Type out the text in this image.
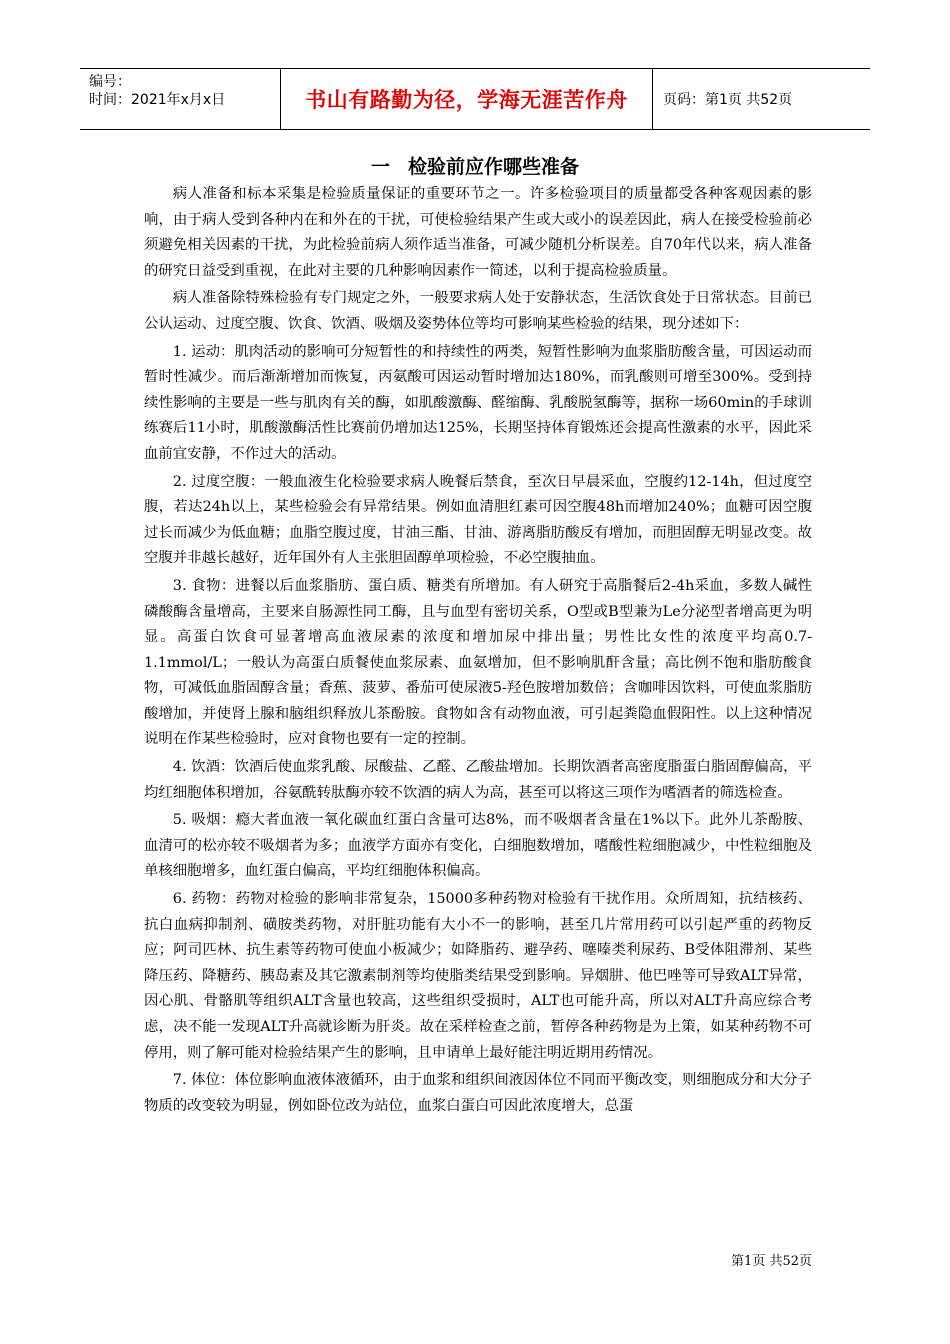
编号：
时间：2021年x月x日	书山有路勤为径，学海无涯苦作舟	页码：第1页 共52页
一 检验前应作哪些准备

病人准备和标本采集是检验质量保证的重要环节之一。许多检验项目的质量都受各种客观因素的影响，由于病人受到各种内在和外在的干扰，可使检验结果产生或大或小的误差因此，病人在接受检验前必须避免相关因素的干扰，为此检验前病人须作适当准备，可减少随机分析误差。自70年代以来，病人准备的研究日益受到重视，在此对主要的几种影响因素作一简述，以利于提高检验质量。

病人准备除特殊检验有专门规定之外，一般要求病人处于安静状态，生活饮食处于日常状态。目前已公认运动、过度空腹、饮食、饮酒、吸烟及姿势体位等均可影响某些检验的结果，现分述如下：

1. 运动：肌肉活动的影响可分短暂性的和持续性的两类，短暂性影响为血浆脂肪酸含量，可因运动而暂时性减少。而后渐渐增加而恢复，丙氨酸可因运动暂时增加达180%，而乳酸则可增至300%。受到持续性影响的主要是一些与肌肉有关的酶，如肌酸激酶、醛缩酶、乳酸脱氢酶等，据称一场60min的手球训练赛后11小时，肌酸激酶活性比赛前仍增加达125%，长期坚持体育锻炼还会提高性激素的水平，因此采血前宜安静，不作过大的活动。

2. 过度空腹：一般血液生化检验要求病人晚餐后禁食，至次日早晨采血，空腹约12-14h，但过度空腹，若达24h以上，某些检验会有异常结果。例如血清胆红素可因空腹48h而增加240%；血糖可因空腹过长而减少为低血糖；血脂空腹过度，甘油三酯、甘油、游离脂肪酸反有增加，而胆固醇无明显改变。故空腹并非越长越好，近年国外有人主张胆固醇单项检验，不必空腹抽血。

3. 食物：进餐以后血浆脂肪、蛋白质、糖类有所增加。有人研究于高脂餐后2-4h采血，多数人碱性磷酸酶含量增高，主要来自肠源性同工酶，且与血型有密切关系，O型或B型兼为Le分泌型者增高更为明显。高蛋白饮食可显著增高血液尿素的浓度和增加尿中排出量；男性比女性的浓度平均高0.7-1.1mmol/L；一般认为高蛋白质餐使血浆尿素、血氨增加，但不影响肌酐含量；高比例不饱和脂肪酸食物，可减低血脂固醇含量；香蕉、菠萝、番茄可使尿液5-羟色胺增加数倍；含咖啡因饮料，可使血浆脂肪酸增加，并使肾上腺和脑组织释放儿茶酚胺。食物如含有动物血液，可引起粪隐血假阳性。以上这种情况说明在作某些检验时，应对食物也要有一定的控制。

4. 饮酒：饮酒后使血浆乳酸、尿酸盐、乙醛、乙酸盐增加。长期饮酒者高密度脂蛋白脂固醇偏高，平均红细胞体积增加，谷氨酰转肽酶亦较不饮酒的病人为高，甚至可以将这三项作为嗜酒者的筛选检查。

5. 吸烟：瘾大者血液一氧化碳血红蛋白含量可达8%，而不吸烟者含量在1%以下。此外儿茶酚胺、血清可的松亦较不吸烟者为多；血液学方面亦有变化，白细胞数增加，嗜酸性粒细胞减少，中性粒细胞及单核细胞增多，血红蛋白偏高，平均红细胞体积偏高。

6. 药物：药物对检验的影响非常复杂，15000多种药物对检验有干扰作用。众所周知，抗结核药、抗白血病抑制剂、磺胺类药物，对肝脏功能有大小不一的影响，甚至几片常用药可以引起严重的药物反应；阿司匹林、抗生素等药物可使血小板减少；如降脂药、避孕药、噻嗪类利尿药、B受体阻滞剂、某些降压药、降糖药、胰岛素及其它激素制剂等均使脂类结果受到影响。异烟肼、他巴唑等可导致ALT异常，因心肌、骨骼肌等组织ALT含量也较高，这些组织受损时，ALT也可能升高，所以对ALT升高应综合考虑，决不能一发现ALT升高就诊断为肝炎。故在采样检查之前，暂停各种药物是为上策，如某种药物不可停用，则了解可能对检验结果产生的影响，且申请单上最好能注明近期用药情况。

7. 体位：体位影响血液体液循环，由于血浆和组织间液因体位不同而平衡改变，则细胞成分和大分子物质的改变较为明显，例如卧位改为站位，血浆白蛋白可因此浓度增大，总蛋

第1页 共52页
